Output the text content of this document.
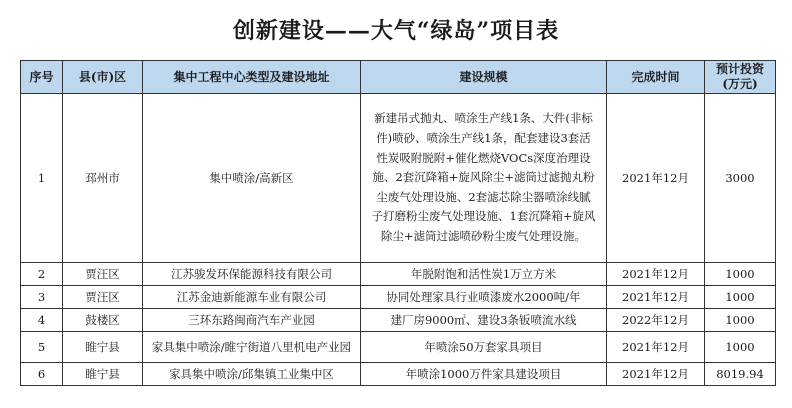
创新建设——大气“绿岛”项目表
序号	县(市)区	集中工程中心类型及建设地址	建设规模	完成时间	预计投资(万元)
1	邳州市	集中喷涂/高新区	新建吊式抛丸、喷涂生产线1条、大件(非标件)喷砂、喷涂生产线1条，配套建设3套活性炭吸附脱附+催化燃烧VOCs深度治理设施、2套沉降箱+旋风除尘+滤筒过滤抛丸粉尘废气处理设施、2套滤芯除尘器喷涂线腻子打磨粉尘废气处理设施、1套沉降箱+旋风除尘+滤筒过滤喷砂粉尘废气处理设施。	2021年12月	3000
2	贾汪区	江苏骏发环保能源科技有限公司	年脱附饱和活性炭1万立方米	2021年12月	1000
3	贾汪区	江苏金迪新能源车业有限公司	协同处理家具行业喷漆废水2000吨/年	2021年12月	1000
4	鼓楼区	三环东路闽商汽车产业园	建厂房9000㎡、建设3条钣喷流水线	2022年12月	1000
5	睢宁县	家具集中喷涂/睢宁街道八里机电产业园	年喷涂50万套家具项目	2021年12月	1000
6	睢宁县	家具集中喷涂/邱集镇工业集中区	年喷涂1000万件家具建设项目	2021年12月	8019.94
